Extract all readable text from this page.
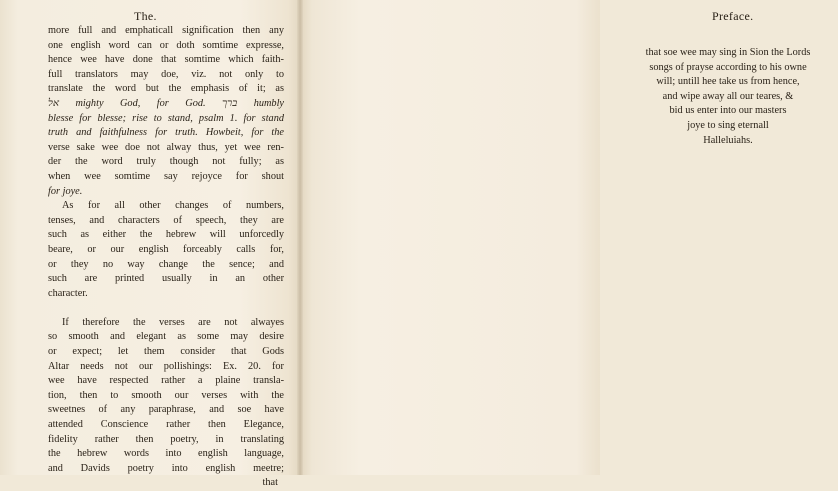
The.
more full and emphaticall signification then any
one english word can or doth somtime expresse,
hence wee have done that somtime which faith-
full translators may doe, viz. not only to
translate the word but the emphasis of it; as
אל mighty God, for God. ברך humbly
blesse for blesse; rise to stand, psalm 1. for stand
truth and faithfulness for truth. Howbeit, for the
verse sake wee doe not alway thus, yet wee ren-
der the word truly though not fully; as
when wee somtime say rejoyce for shout
for joye.
As for all other changes of numbers,
tenses, and characters of speech, they are
such as either the hebrew will unforcedly
beare, or our english forceably calls for,
or they no way change the sence; and
such are printed usually in an other
character.
If therefore the verses are not alwayes
so smooth and elegant as some may desire
or expect; let them consider that Gods
Altar needs not our pollishings: Ex. 20. for
wee have respected rather a plaine transla-
tion, then to smooth our verses with the
sweetnes of any paraphrase, and soe have
attended Conscience rather then Elegance,
fidelity rather then poetry, in translating
the hebrew words into english language,
and Davids poetry into english meetre;
that
Preface.
that soe wee may sing in Sion the Lords
songs of prayse according to his owne
will; untill hee take us from hence,
and wipe away all our teares, &
bid us enter into our masters
joye to sing eternall
Halleluiahs.
